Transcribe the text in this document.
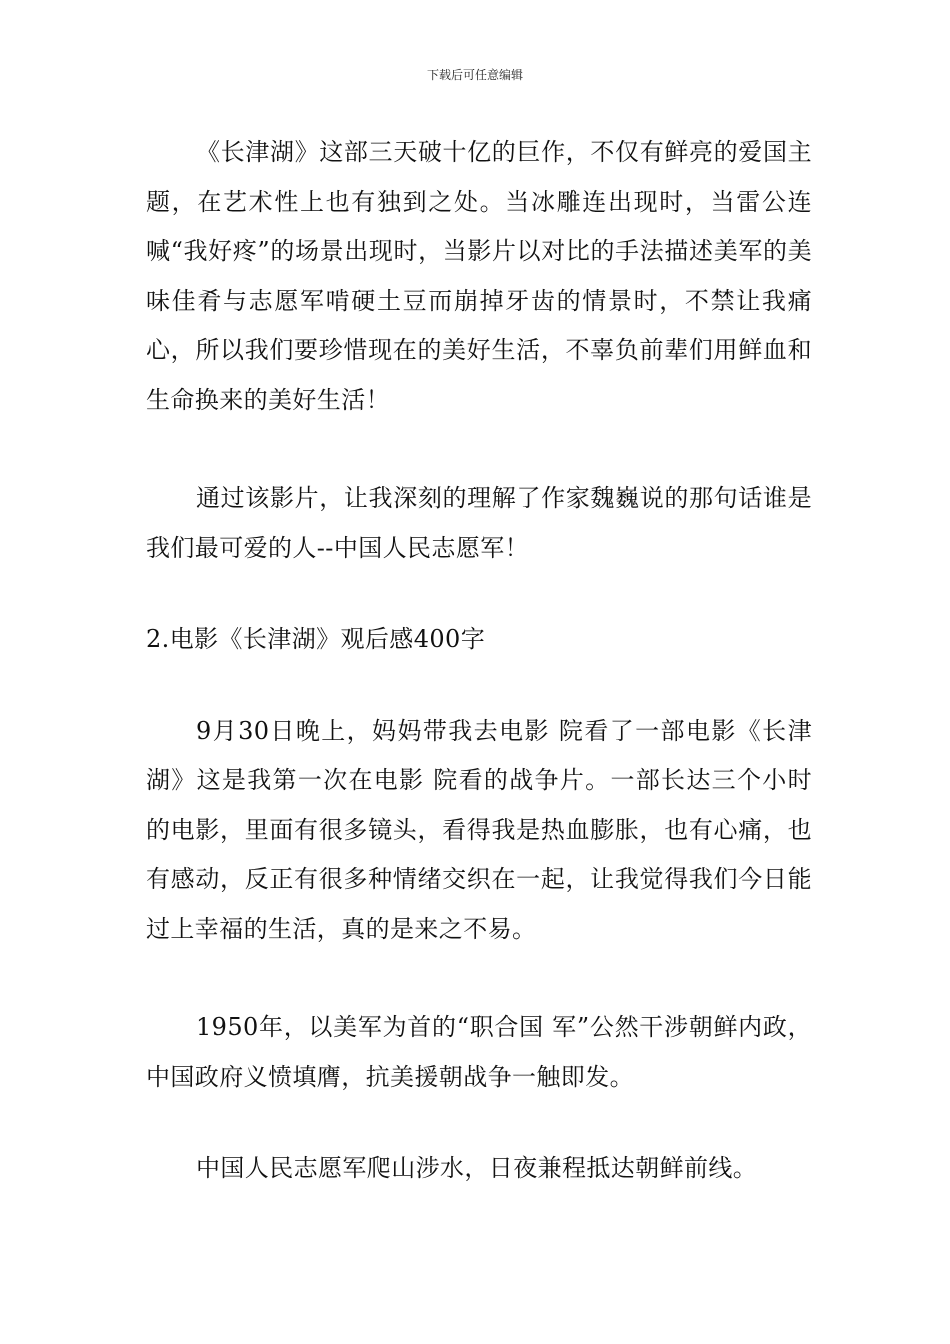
下载后可任意编辑

《长津湖》这部三天破十亿的巨作，不仅有鲜亮的爱国主题，在艺术性上也有独到之处。当冰雕连出现时，当雷公连喊“我好疼”的场景出现时，当影片以对比的手法描述美军的美味佳肴与志愿军啃硬土豆而崩掉牙齿的情景时，不禁让我痛心，所以我们要珍惜现在的美好生活，不辜负前辈们用鲜血和生命换来的美好生活！

通过该影片，让我深刻的理解了作家魏巍说的那句话谁是我们最可爱的人--中国人民志愿军！

2.电影《长津湖》观后感400字

9月30日晚上，妈妈带我去电影 院看了一部电影《长津湖》这是我第一次在电影 院看的战争片。一部长达三个小时的电影，里面有很多镜头，看得我是热血膨胀，也有心痛，也有感动，反正有很多种情绪交织在一起，让我觉得我们今日能过上幸福的生活，真的是来之不易。

1950年，以美军为首的“职合国 军”公然干涉朝鲜内政，中国政府义愤填膺，抗美援朝战争一触即发。

中国人民志愿军爬山涉水，日夜兼程抵达朝鲜前线。
